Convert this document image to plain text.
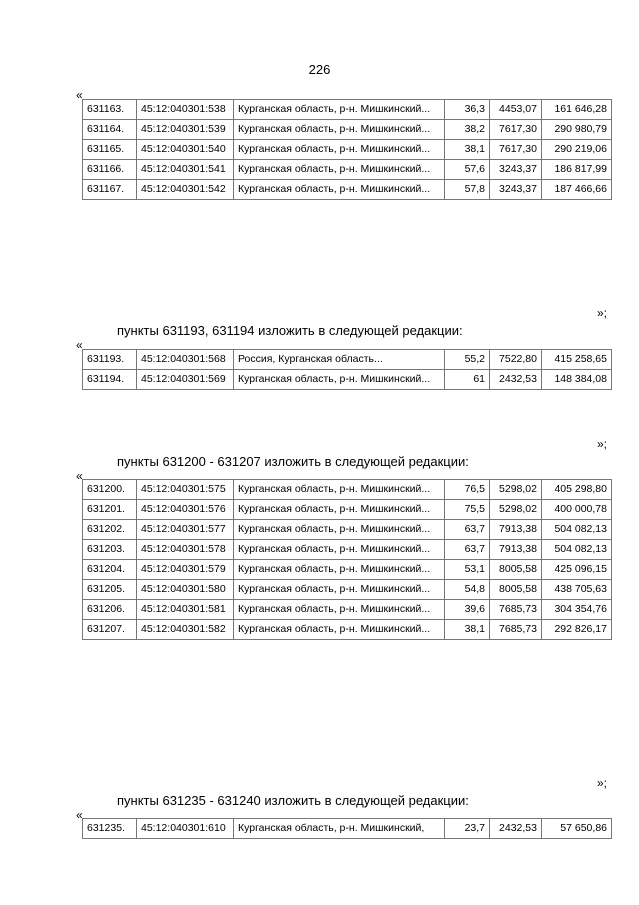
226
«
631163.	45:12:040301:538	Курганская область, р-н. Мишкинский...	36,3	4453,07	161 646,28
631164.	45:12:040301:539	Курганская область, р-н. Мишкинский...	38,2	7617,30	290 980,79
631165.	45:12:040301:540	Курганская область, р-н. Мишкинский...	38,1	7617,30	290 219,06
631166.	45:12:040301:541	Курганская область, р-н. Мишкинский...	57,6	3243,37	186 817,99
631167.	45:12:040301:542	Курганская область, р-н. Мишкинский...	57,8	3243,37	187 466,66
»;
пункты 631193, 631194 изложить в следующей редакции:
«
631193.	45:12:040301:568	Россия, Курганская область...	55,2	7522,80	415 258,65
631194.	45:12:040301:569	Курганская область, р-н. Мишкинский...	61	2432,53	148 384,08
»;
пункты 631200 - 631207 изложить в следующей редакции:
«
631200.	45:12:040301:575	Курганская область, р-н. Мишкинский...	76,5	5298,02	405 298,80
631201.	45:12:040301:576	Курганская область, р-н. Мишкинский...	75,5	5298,02	400 000,78
631202.	45:12:040301:577	Курганская область, р-н. Мишкинский...	63,7	7913,38	504 082,13
631203.	45:12:040301:578	Курганская область, р-н. Мишкинский...	63,7	7913,38	504 082,13
631204.	45:12:040301:579	Курганская область, р-н. Мишкинский...	53,1	8005,58	425 096,15
631205.	45:12:040301:580	Курганская область, р-н. Мишкинский...	54,8	8005,58	438 705,63
631206.	45:12:040301:581	Курганская область, р-н. Мишкинский...	39,6	7685,73	304 354,76
631207.	45:12:040301:582	Курганская область, р-н. Мишкинский...	38,1	7685,73	292 826,17
»;
пункты 631235 - 631240 изложить в следующей редакции:
«
631235.	45:12:040301:610	Курганская область, р-н. Мишкинский,	23,7	2432,53	57 650,86
